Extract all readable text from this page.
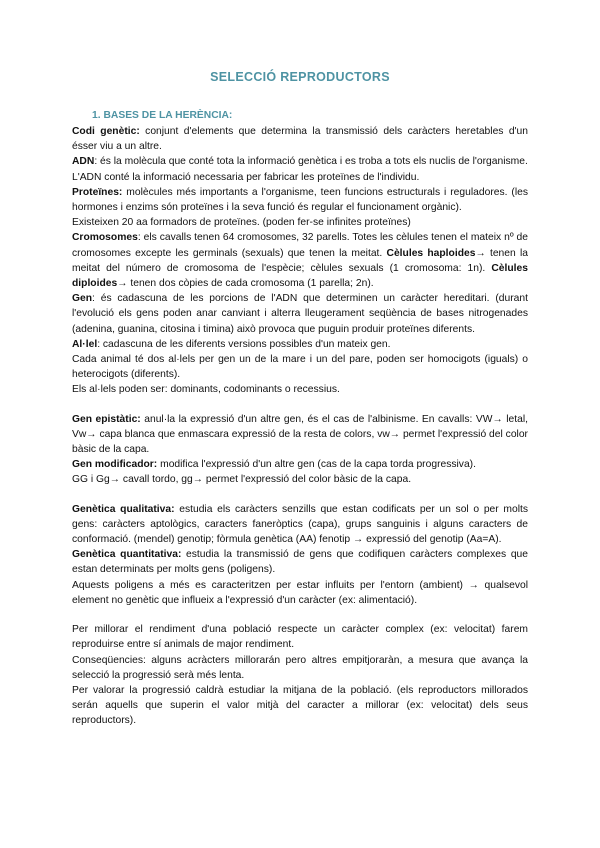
SELECCIÓ REPRODUCTORS
1. BASES DE LA HERÈNCIA:

Codi genètic: conjunt d'elements que determina la transmissió dels caràcters heretables d'un ésser viu a un altre.

ADN: és la molècula que conté tota la informació genètica i es troba a tots els nuclis de l'organisme.

L'ADN conté la informació necessaria per fabricar les proteïnes de l'individu.

Proteïnes: molècules més importants a l'organisme, teen funcions estructurals i reguladores. (les hormones i enzims són proteïnes i la seva funció és regular el funcionament orgànic).

Existeixen 20 aa formadors de proteïnes. (poden fer-se infinites proteïnes)

Cromosomes: els cavalls tenen 64 cromosomes, 32 parells. Totes les cèlules tenen el mateix nº de cromosomes excepte les germinals (sexuals) que tenen la meitat. Cèlules haploides→ tenen la meitat del número de cromosoma de l'espècie; cèlules sexuals (1 cromosoma: 1n). Cèlules diploides→ tenen dos còpies de cada cromosoma (1 parella; 2n).

Gen: és cadascuna de les porcions de l'ADN que determinen un caràcter hereditari. (durant l'evolució els gens poden anar canviant i alterra lleugerament seqüència de bases nitrogenades (adenina, guanina, citosina i timina) això provoca que puguin produir proteïnes diferents.

Al·lel: cadascuna de les diferents versions possibles d'un mateix gen.

Cada animal té dos al·lels per gen un de la mare i un del pare, poden ser homocigots (iguals) o heterocigots (diferents).

Els al·lels poden ser: dominants, codominants o recessius.

Gen epistàtic: anul·la la expressió d'un altre gen, és el cas de l'albinisme. En cavalls: VW→ letal, Vw→ capa blanca que enmascara expressió de la resta de colors, vw→ permet l'expressió del color bàsic de la capa.

Gen modificador: modifica l'expressió d'un altre gen (cas de la capa torda progressiva).

GG i Gg→ cavall tordo, gg→ permet l'expressió del color bàsic de la capa.

Genètica qualitativa: estudia els caràcters senzills que estan codificats per un sol o per molts gens: caràcters aptològics, caracters faneròptics (capa), grups sanguinis i alguns caracters de conformació. (mendel) genotip; fòrmula genètica (AA) fenotip → expressió del genotip (Aa=A).

Genètica quantitativa: estudia la transmissió de gens que codifiquen caràcters complexes que estan determinats per molts gens (poligens).

Aquests poligens a més es caracteritzen per estar influits per l'entorn (ambient) → qualsevol element no genètic que influeix a l'expressió d'un caràcter (ex: alimentació).

Per millorar el rendiment d'una població respecte un caràcter complex (ex: velocitat) farem reproduirse entre sí animals de major rendiment.

Conseqüencies: alguns acràcters millorarán pero altres empitjoraràn, a mesura que avança la selecció la progressió serà més lenta.

Per valorar la progressió caldrà estudiar la mitjana de la població. (els reproductors millorados serán aquells que superin el valor mitjà del caracter a millorar (ex: velocitat) dels seus reproductors).
